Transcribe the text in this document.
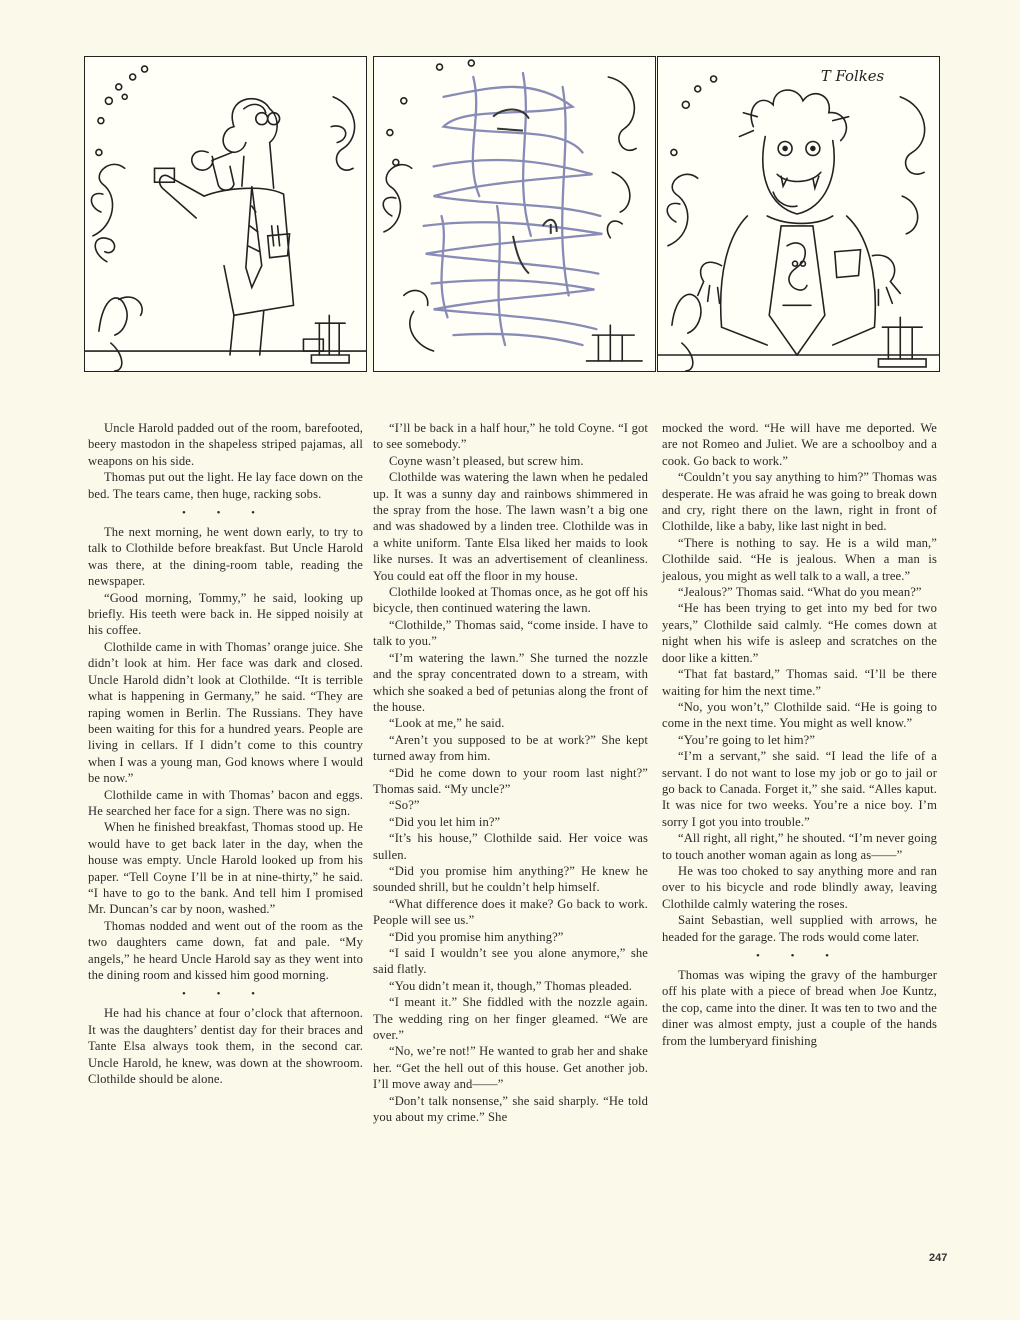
T Folkes

Uncle Harold padded out of the room, barefooted, beery mastodon in the shapeless striped pajamas, all weapons on his side.

Thomas put out the light. He lay face down on the bed. The tears came, then huge, racking sobs.

• • •

The next morning, he went down early, to try to talk to Clothilde before breakfast. But Uncle Harold was there, at the dining-room table, reading the newspaper.

“Good morning, Tommy,” he said, looking up briefly. His teeth were back in. He sipped noisily at his coffee.

Clothilde came in with Thomas’ orange juice. She didn’t look at him. Her face was dark and closed. Uncle Harold didn’t look at Clothilde. “It is terrible what is happening in Germany,” he said. “They are raping women in Berlin. The Russians. They have been waiting for this for a hundred years. People are living in cellars. If I didn’t come to this country when I was a young man, God knows where I would be now.”

Clothilde came in with Thomas’ bacon and eggs. He searched her face for a sign. There was no sign.

When he finished breakfast, Thomas stood up. He would have to get back later in the day, when the house was empty. Uncle Harold looked up from his paper. “Tell Coyne I’ll be in at nine-thirty,” he said. “I have to go to the bank. And tell him I promised Mr. Duncan’s car by noon, washed.”

Thomas nodded and went out of the room as the two daughters came down, fat and pale. “My angels,” he heard Uncle Harold say as they went into the dining room and kissed him good morning.

• • •

He had his chance at four o’clock that afternoon. It was the daughters’ dentist day for their braces and Tante Elsa always took them, in the second car. Uncle Harold, he knew, was down at the showroom. Clothilde should be alone.

“I’ll be back in a half hour,” he told Coyne. “I got to see somebody.”

Coyne wasn’t pleased, but screw him.

Clothilde was watering the lawn when he pedaled up. It was a sunny day and rainbows shimmered in the spray from the hose. The lawn wasn’t a big one and was shadowed by a linden tree. Clothilde was in a white uniform. Tante Elsa liked her maids to look like nurses. It was an advertisement of cleanliness. You could eat off the floor in my house.

Clothilde looked at Thomas once, as he got off his bicycle, then continued watering the lawn.

“Clothilde,” Thomas said, “come inside. I have to talk to you.”

“I’m watering the lawn.” She turned the nozzle and the spray concentrated down to a stream, with which she soaked a bed of petunias along the front of the house.

“Look at me,” he said.

“Aren’t you supposed to be at work?” She kept turned away from him.

“Did he come down to your room last night?” Thomas said. “My uncle?”

“So?”

“Did you let him in?”

“It’s his house,” Clothilde said. Her voice was sullen.

“Did you promise him anything?” He knew he sounded shrill, but he couldn’t help himself.

“What difference does it make? Go back to work. People will see us.”

“Did you promise him anything?”

“I said I wouldn’t see you alone anymore,” she said flatly.

“You didn’t mean it, though,” Thomas pleaded.

“I meant it.” She fiddled with the nozzle again. The wedding ring on her finger gleamed. “We are over.”

“No, we’re not!” He wanted to grab her and shake her. “Get the hell out of this house. Get another job. I’ll move away and——”

“Don’t talk nonsense,” she said sharply. “He told you about my crime.” She

mocked the word. “He will have me deported. We are not Romeo and Juliet. We are a schoolboy and a cook. Go back to work.”

“Couldn’t you say anything to him?” Thomas was desperate. He was afraid he was going to break down and cry, right there on the lawn, right in front of Clothilde, like a baby, like last night in bed.

“There is nothing to say. He is a wild man,” Clothilde said. “He is jealous. When a man is jealous, you might as well talk to a wall, a tree.”

“Jealous?” Thomas said. “What do you mean?”

“He has been trying to get into my bed for two years,” Clothilde said calmly. “He comes down at night when his wife is asleep and scratches on the door like a kitten.”

“That fat bastard,” Thomas said. “I’ll be there waiting for him the next time.”

“No, you won’t,” Clothilde said. “He is going to come in the next time. You might as well know.”

“You’re going to let him?”

“I’m a servant,” she said. “I lead the life of a servant. I do not want to lose my job or go to jail or go back to Canada. Forget it,” she said. “Alles kaput. It was nice for two weeks. You’re a nice boy. I’m sorry I got you into trouble.”

“All right, all right,” he shouted. “I’m never going to touch another woman again as long as——”

He was too choked to say anything more and ran over to his bicycle and rode blindly away, leaving Clothilde calmly watering the roses.

Saint Sebastian, well supplied with arrows, he headed for the garage. The rods would come later.

• • •

Thomas was wiping the gravy of the hamburger off his plate with a piece of bread when Joe Kuntz, the cop, came into the diner. It was ten to two and the diner was almost empty, just a couple of the hands from the lumberyard finishing

247
